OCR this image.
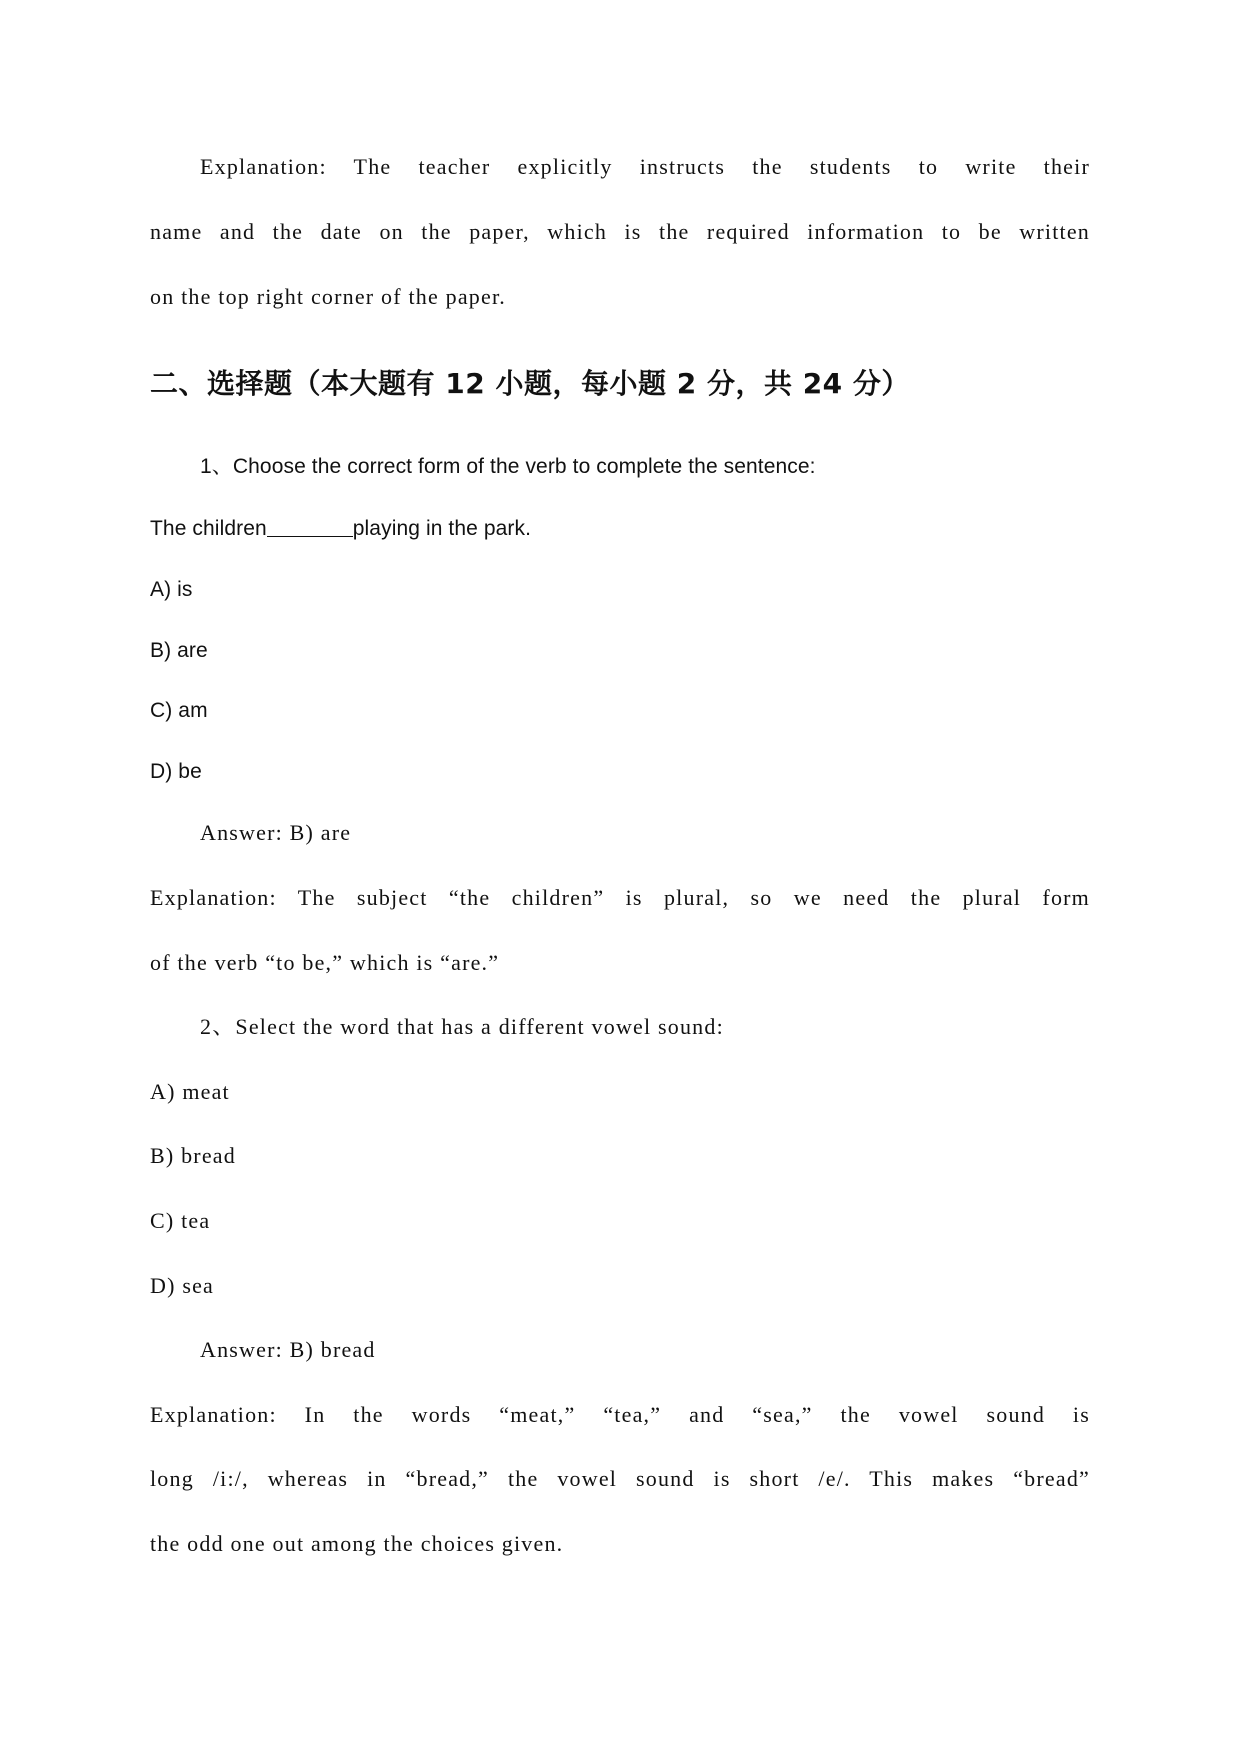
Explanation: The teacher explicitly instructs the students to write their
name and the date on the paper, which is the required information to be written
on the top right corner of the paper.
二、选择题（本大题有 12 小题，每小题 2 分，共 24 分）
1、Choose the correct form of the verb to complete the sentence:
The children	playing in the park.
A) is
B) are
C) am
D) be
Answer: B) are
Explanation: The subject “the children” is plural, so we need the plural form
of the verb “to be,” which is “are.”
2、Select the word that has a different vowel sound:
A) meat
B) bread
C) tea
D) sea
Answer: B) bread
Explanation: In the words “meat,” “tea,” and “sea,” the vowel sound is
long /i:/, whereas in “bread,” the vowel sound is short /e/. This makes “bread”
the odd one out among the choices given.
